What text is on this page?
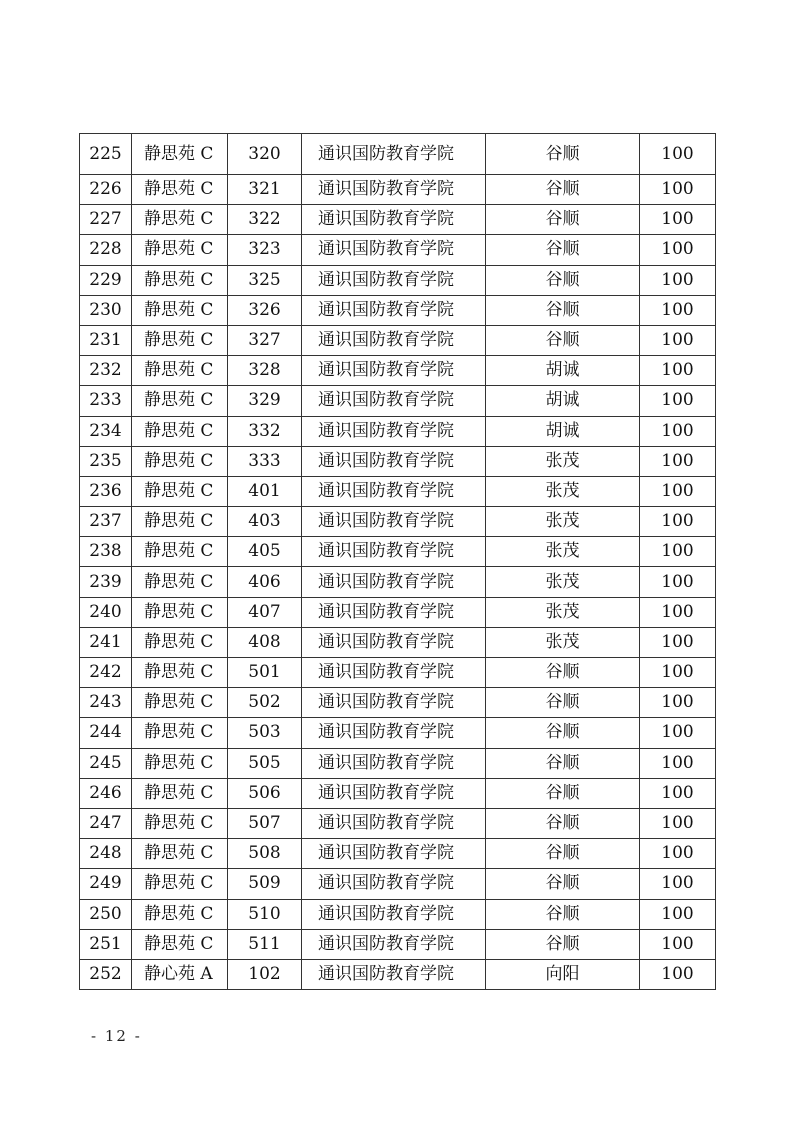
225	静思苑 C	320	通识国防教育学院	谷顺	100
226	静思苑 C	321	通识国防教育学院	谷顺	100
227	静思苑 C	322	通识国防教育学院	谷顺	100
228	静思苑 C	323	通识国防教育学院	谷顺	100
229	静思苑 C	325	通识国防教育学院	谷顺	100
230	静思苑 C	326	通识国防教育学院	谷顺	100
231	静思苑 C	327	通识国防教育学院	谷顺	100
232	静思苑 C	328	通识国防教育学院	胡诚	100
233	静思苑 C	329	通识国防教育学院	胡诚	100
234	静思苑 C	332	通识国防教育学院	胡诚	100
235	静思苑 C	333	通识国防教育学院	张茂	100
236	静思苑 C	401	通识国防教育学院	张茂	100
237	静思苑 C	403	通识国防教育学院	张茂	100
238	静思苑 C	405	通识国防教育学院	张茂	100
239	静思苑 C	406	通识国防教育学院	张茂	100
240	静思苑 C	407	通识国防教育学院	张茂	100
241	静思苑 C	408	通识国防教育学院	张茂	100
242	静思苑 C	501	通识国防教育学院	谷顺	100
243	静思苑 C	502	通识国防教育学院	谷顺	100
244	静思苑 C	503	通识国防教育学院	谷顺	100
245	静思苑 C	505	通识国防教育学院	谷顺	100
246	静思苑 C	506	通识国防教育学院	谷顺	100
247	静思苑 C	507	通识国防教育学院	谷顺	100
248	静思苑 C	508	通识国防教育学院	谷顺	100
249	静思苑 C	509	通识国防教育学院	谷顺	100
250	静思苑 C	510	通识国防教育学院	谷顺	100
251	静思苑 C	511	通识国防教育学院	谷顺	100
252	静心苑 A	102	通识国防教育学院	向阳	100
- 12 -
